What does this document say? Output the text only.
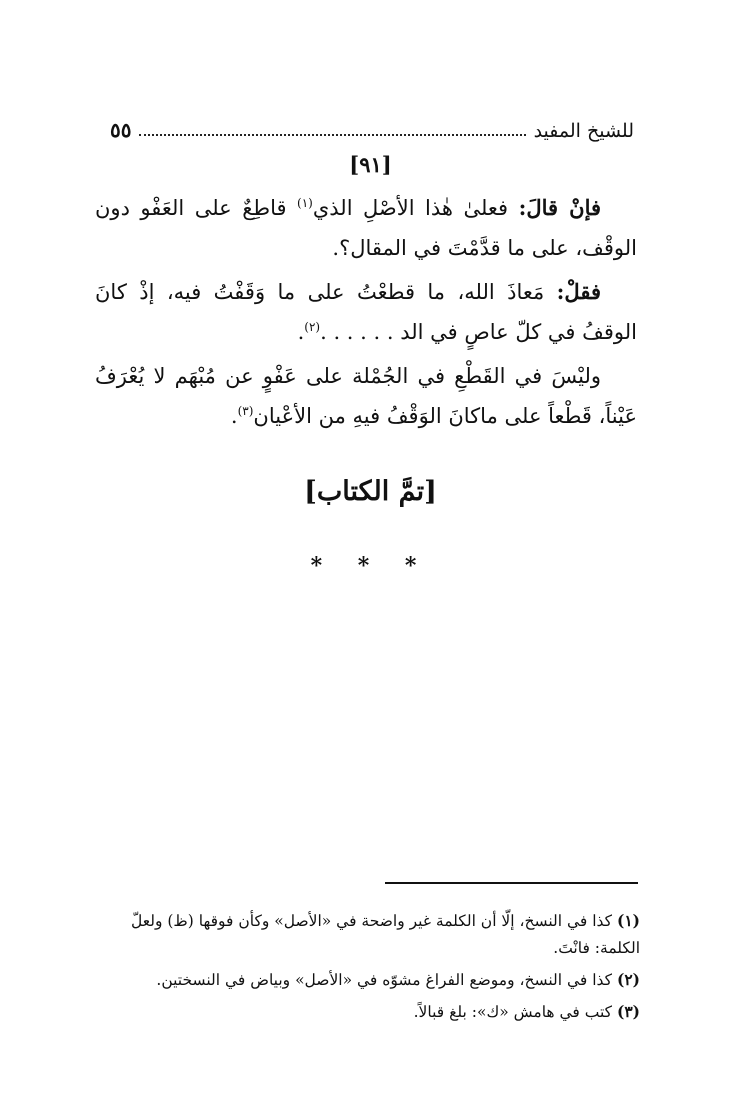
للشيخ المفيد
٥٥
[٩١]

فإنْ قالَ: فعلىٰ هٰذا الأصْلِ الذي$^{(١)}$ قاطِعٌ على العَفْو دون الوقْف، على ما قدَّمْتَ في المقال؟.

فقلْ: مَعاذَ الله، ما قطعْتُ على ما وَقَفْتُ فيه، إذْ كانَ الوقفُ في كلّ عاصٍ في الد . . . . . .$^{(٢)}$.

وليْسَ في القَطْعِ في الجُمْلة على عَفْوٍ عن مُبْهَم لا يُعْرَفُ عَيْناً، قَطْعاً على ماكانَ الوَقْفُ فيهِ من الأعْيان$^{(٣)}$.

[تمَّ الكتاب]
* * *
(١) كذا في النسخ، إلّا أن الكلمة غير واضحة في «الأصل» وكأن فوقها (ظ) ولعلّ الكلمة: فانْتَ.
(٢) كذا في النسخ، وموضع الفراغ مشوّه في «الأصل» وبياض في النسختين.
(٣) كتب في هامش «ك»: بلغ قبالاً.
